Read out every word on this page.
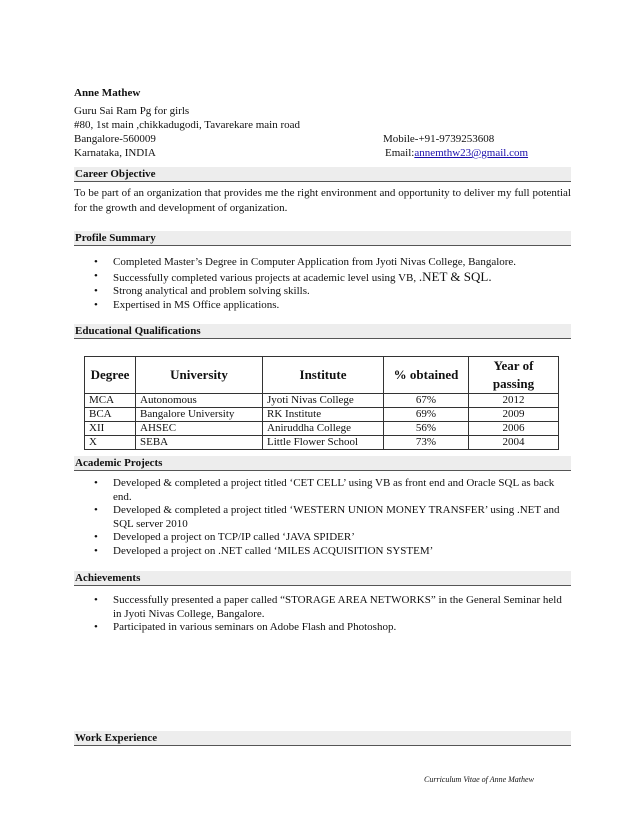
Anne Mathew
Guru Sai Ram Pg for girls
#80, 1st main ,chikkadugodi, Tavarekare main road
Bangalore-560009
Karnataka, INDIA
Mobile-+91-9739253608
Email:annemthw23@gmail.com
Career Objective
To be part of an organization that provides me the right environment and opportunity to deliver my full potential for the growth and development of organization.
Profile Summary
• Completed Master’s Degree in Computer Application from Jyoti Nivas College, Bangalore.
• Successfully completed various projects at academic level using VB, .NET & SQL.
• Strong analytical and problem solving skills.
• Expertised in MS Office applications.
Educational Qualifications
Degree	University	Institute	% obtained	Year of passing
MCA	Autonomous	Jyoti Nivas College	67%	2012
BCA	Bangalore University	RK Institute	69%	2009
XII	AHSEC	Aniruddha College	56%	2006
X	SEBA	Little Flower School	73%	2004
Academic Projects
• Developed & completed a project titled ‘CET CELL’ using VB as front end and Oracle SQL as back end.
• Developed & completed a project titled ‘WESTERN UNION MONEY TRANSFER’ using .NET and SQL server 2010
• Developed a project on TCP/IP called ‘JAVA SPIDER’
• Developed a project on .NET called ‘MILES ACQUISITION SYSTEM’
Achievements
• Successfully presented a paper called “STORAGE AREA NETWORKS” in the General Seminar held in Jyoti Nivas College, Bangalore.
• Participated in various seminars on Adobe Flash and Photoshop.
Work Experience
Curriculum Vitae of Anne Mathew
